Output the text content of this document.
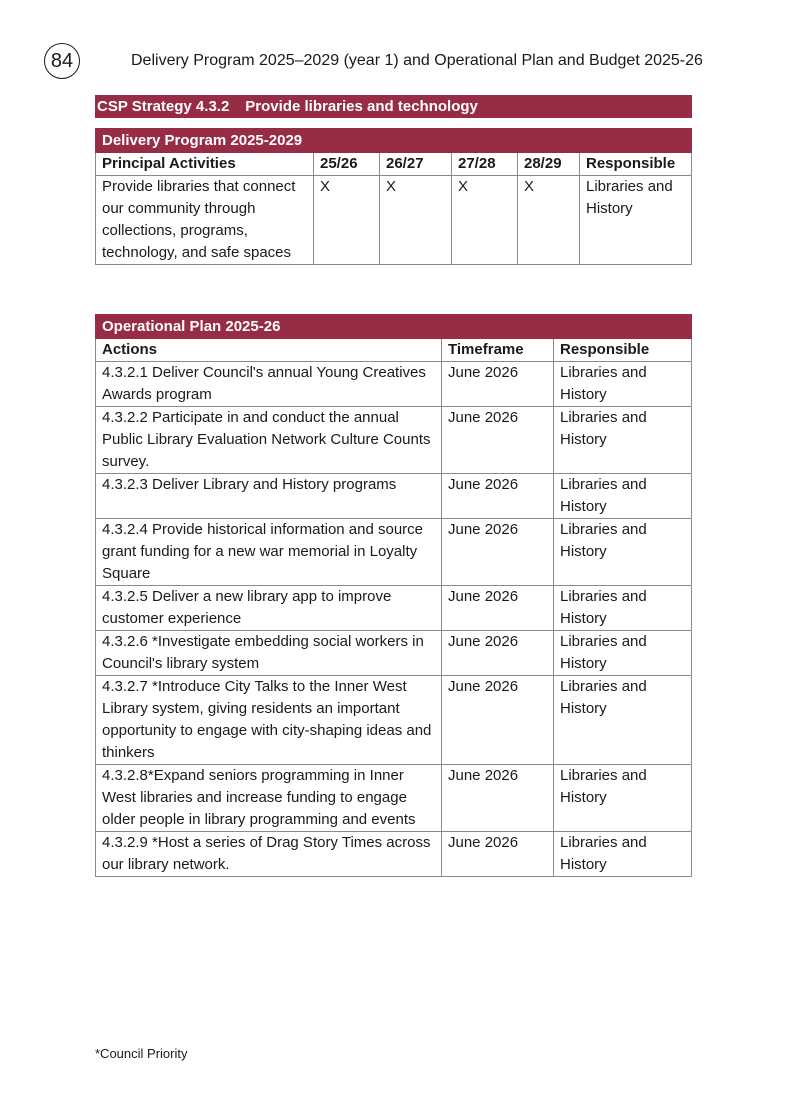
84	Delivery Program 2025–2029 (year 1) and Operational Plan and Budget 2025-26
CSP Strategy 4.3.2 Provide libraries and technology
Delivery Program 2025-2029					
Principal Activities	25/26	26/27	27/28	28/29	Responsible
Provide libraries that connect our community through collections, programs, technology, and safe spaces	X	X	X	X	Libraries and History
Operational Plan 2025-26		
Actions	Timeframe	Responsible
4.3.2.1 Deliver Council's annual Young Creatives Awards program	June 2026	Libraries and History
4.3.2.2 Participate in and conduct the annual Public Library Evaluation Network Culture Counts survey.	June 2026	Libraries and History
4.3.2.3 Deliver Library and History programs	June 2026	Libraries and History
4.3.2.4 Provide historical information and source grant funding for a new war memorial in Loyalty Square	June 2026	Libraries and History
4.3.2.5 Deliver a new library app to improve customer experience	June 2026	Libraries and History
4.3.2.6 *Investigate embedding social workers in Council's library system	June 2026	Libraries and History
4.3.2.7 *Introduce City Talks to the Inner West Library system, giving residents an important opportunity to engage with city-shaping ideas and thinkers	June 2026	Libraries and History
4.3.2.8*Expand seniors programming in Inner West libraries and increase funding to engage older people in library programming and events	June 2026	Libraries and History
4.3.2.9 *Host a series of Drag Story Times across our library network.	June 2026	Libraries and History
*Council Priority
